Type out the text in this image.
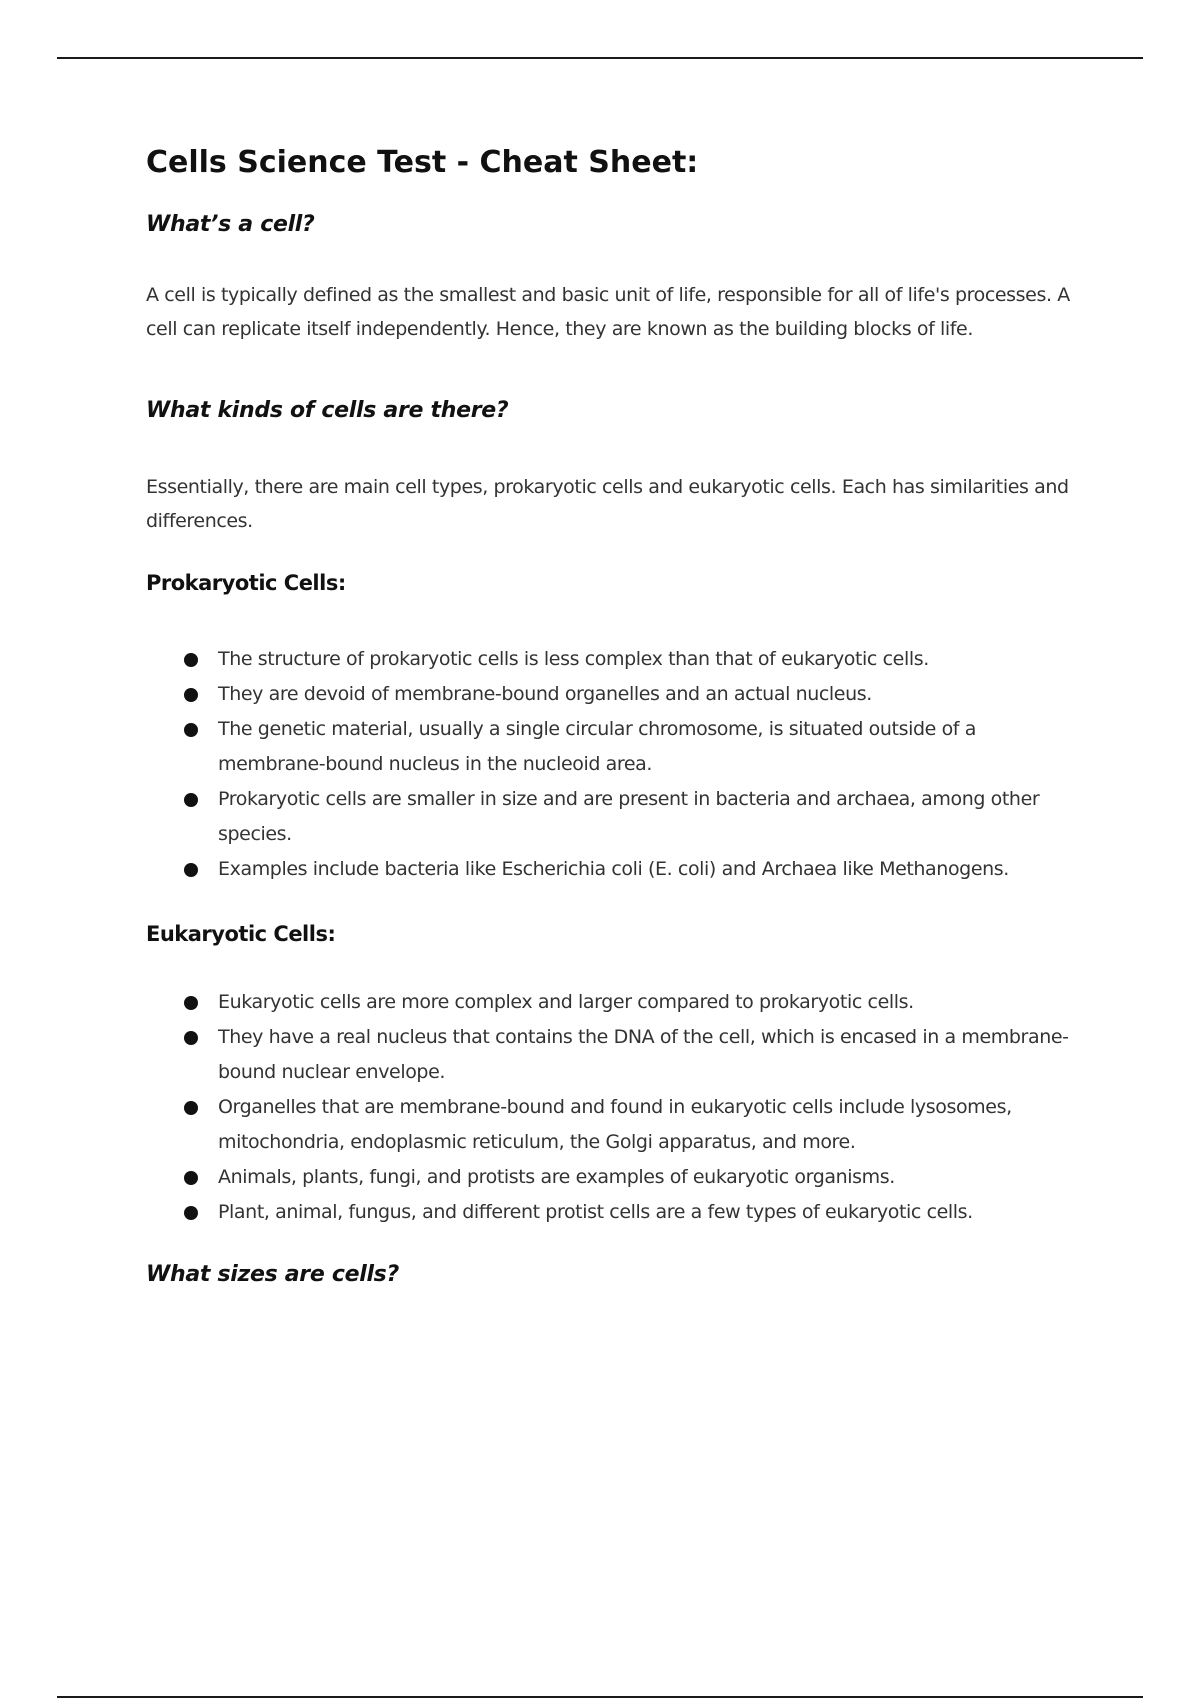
Cells Science Test - Cheat Sheet:
What’s a cell?

A cell is typically defined as the smallest and basic unit of life, responsible for all of life's processes. A cell can replicate itself independently. Hence, they are known as the building blocks of life.

What kinds of cells are there?

Essentially, there are main cell types, prokaryotic cells and eukaryotic cells. Each has similarities and differences.

Prokaryotic Cells:
The structure of prokaryotic cells is less complex than that of eukaryotic cells.
They are devoid of membrane-bound organelles and an actual nucleus.
The genetic material, usually a single circular chromosome, is situated outside of a membrane-bound nucleus in the nucleoid area.
Prokaryotic cells are smaller in size and are present in bacteria and archaea, among other species.
Examples include bacteria like Escherichia coli (E. coli) and Archaea like Methanogens.
Eukaryotic Cells:
Eukaryotic cells are more complex and larger compared to prokaryotic cells.
They have a real nucleus that contains the DNA of the cell, which is encased in a membrane-bound nuclear envelope.
Organelles that are membrane-bound and found in eukaryotic cells include lysosomes, mitochondria, endoplasmic reticulum, the Golgi apparatus, and more.
Animals, plants, fungi, and protists are examples of eukaryotic organisms.
Plant, animal, fungus, and different protist cells are a few types of eukaryotic cells.
What sizes are cells?
